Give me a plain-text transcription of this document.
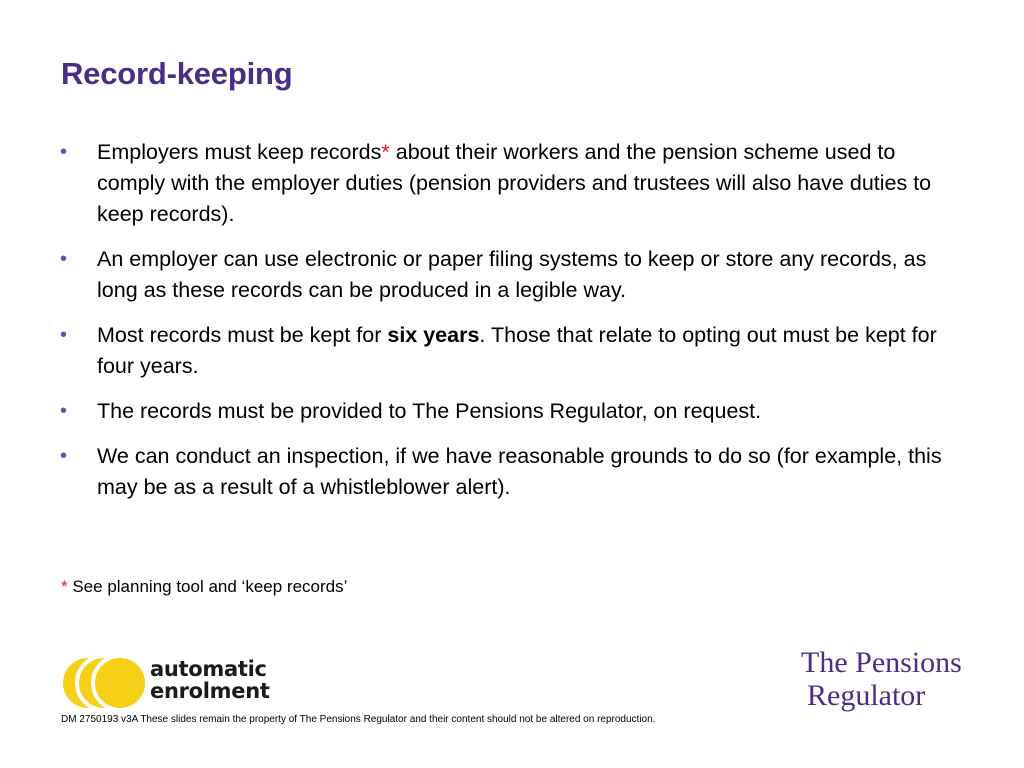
Record-keeping
• Employers must keep records* about their workers and the pension scheme used to comply with the employer duties (pension providers and trustees will also have duties to keep records).
• An employer can use electronic or paper filing systems to keep or store any records, as long as these records can be produced in a legible way.
• Most records must be kept for six years. Those that relate to opting out must be kept for four years.
• The records must be provided to The Pensions Regulator, on request.
• We can conduct an inspection, if we have reasonable grounds to do so (for example, this may be as a result of a whistleblower alert).
* See planning tool and ‘keep records’
automatic
enrolment
The Pensions
Regulator
DM 2750193 v3A These slides remain the property of The Pensions Regulator and their content should not be altered on reproduction.
